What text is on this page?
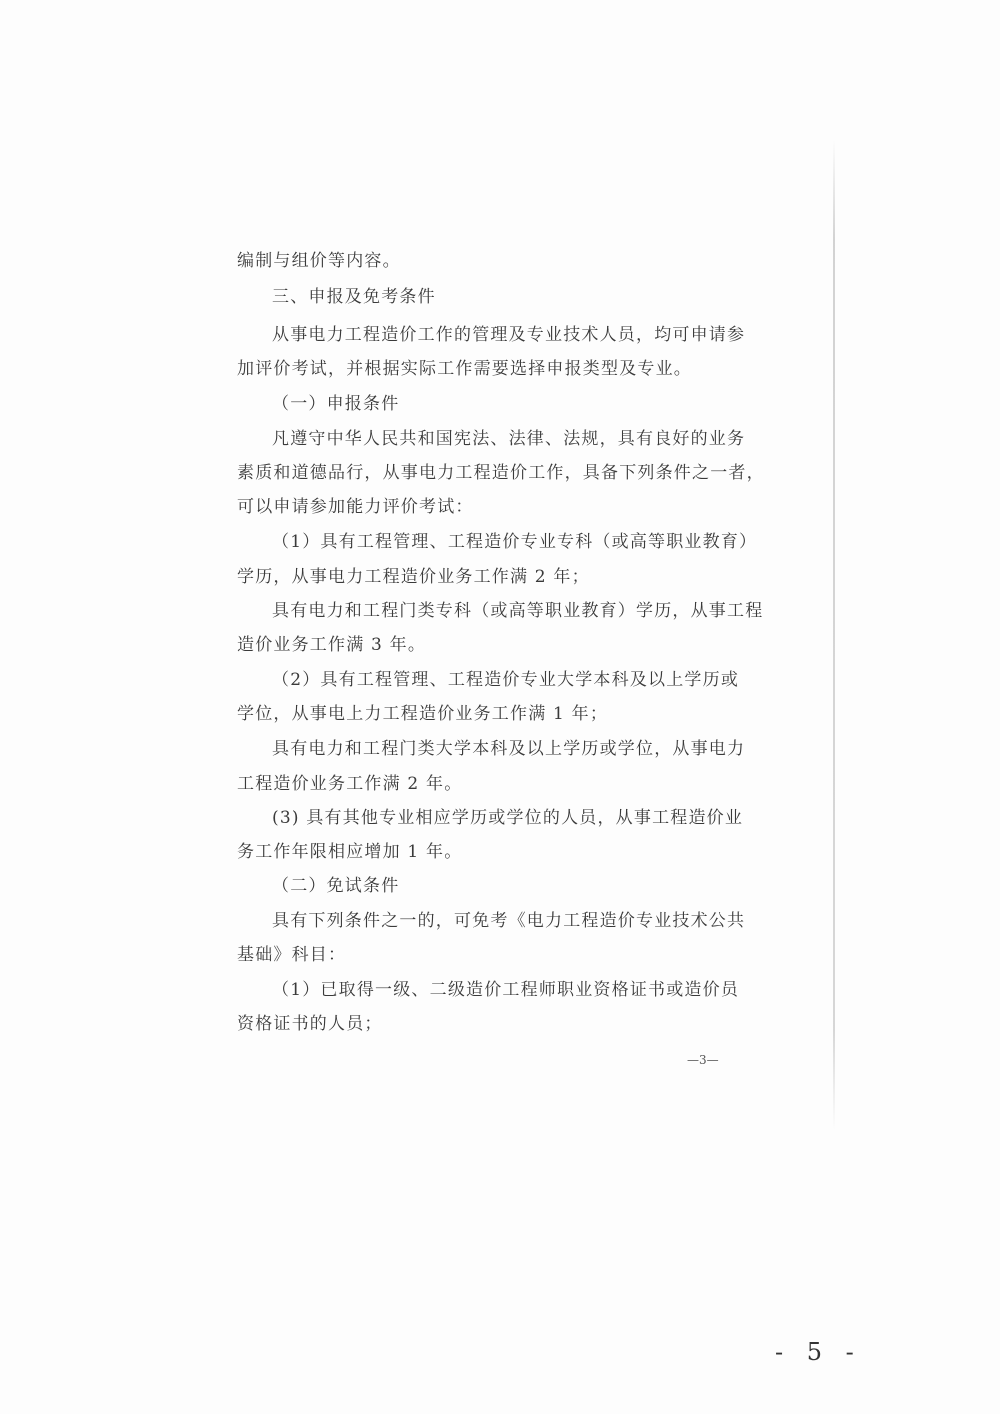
编制与组价等内容。
三、申报及免考条件
从事电力工程造价工作的管理及专业技术人员，均可申请参
加评价考试，并根据实际工作需要选择申报类型及专业。
（一）申报条件
凡遵守中华人民共和国宪法、法律、法规，具有良好的业务
素质和道德品行，从事电力工程造价工作，具备下列条件之一者，
可以申请参加能力评价考试：
（1）具有工程管理、工程造价专业专科（或高等职业教育）
学历，从事电力工程造价业务工作满 2 年；
具有电力和工程门类专科（或高等职业教育）学历，从事工程
造价业务工作满 3 年。
（2）具有工程管理、工程造价专业大学本科及以上学历或
学位，从事电上力工程造价业务工作满 1 年；
具有电力和工程门类大学本科及以上学历或学位，从事电力
工程造价业务工作满 2 年。
(3) 具有其他专业相应学历或学位的人员，从事工程造价业
务工作年限相应增加 1 年。
（二）免试条件
具有下列条件之一的，可免考《电力工程造价专业技术公共
基础》科目：
（1）已取得一级、二级造价工程师职业资格证书或造价员
资格证书的人员；
—3—
- 5 -
